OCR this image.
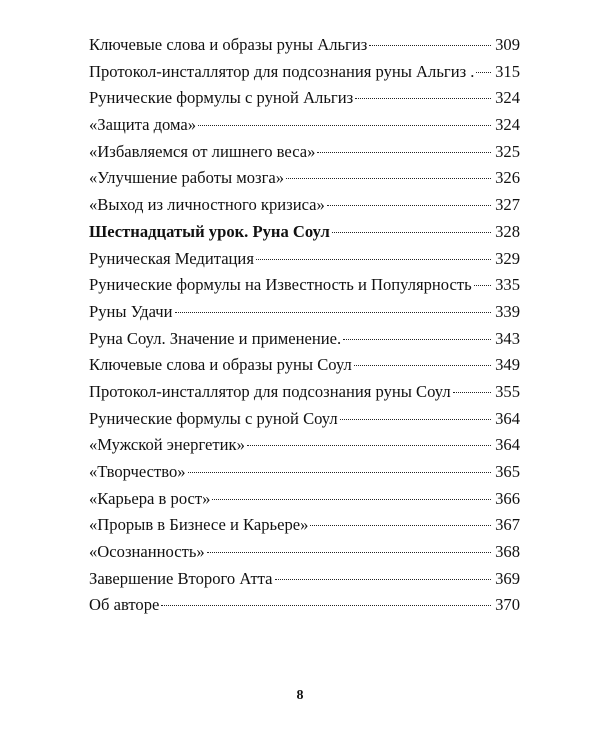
Ключевые слова и образы руны Альгиз	309
Протокол-инсталлятор для подсознания руны Альгиз . 315
Рунические формулы с руной Альгиз	324
«Защита дома»	324
«Избавляемся от лишнего веса»	325
«Улучшение работы мозга»	326
«Выход из личностного кризиса»	327
Шестнадцатый урок. Руна Соул	328
Руническая Медитация	329
Рунические формулы на Известность и Популярность 335
Руны Удачи	339
Руна Соул. Значение и применение.	343
Ключевые слова и образы руны Соул	349
Протокол-инсталлятор для подсознания руны Соул	355
Рунические формулы с руной Соул	364
«Мужской энергетик»	364
«Творчество»	365
«Карьера в рост»	366
«Прорыв в Бизнесе и Карьере»	367
«Осознанность»	368
Завершение Второго Атта	369
Об авторе	370
8
